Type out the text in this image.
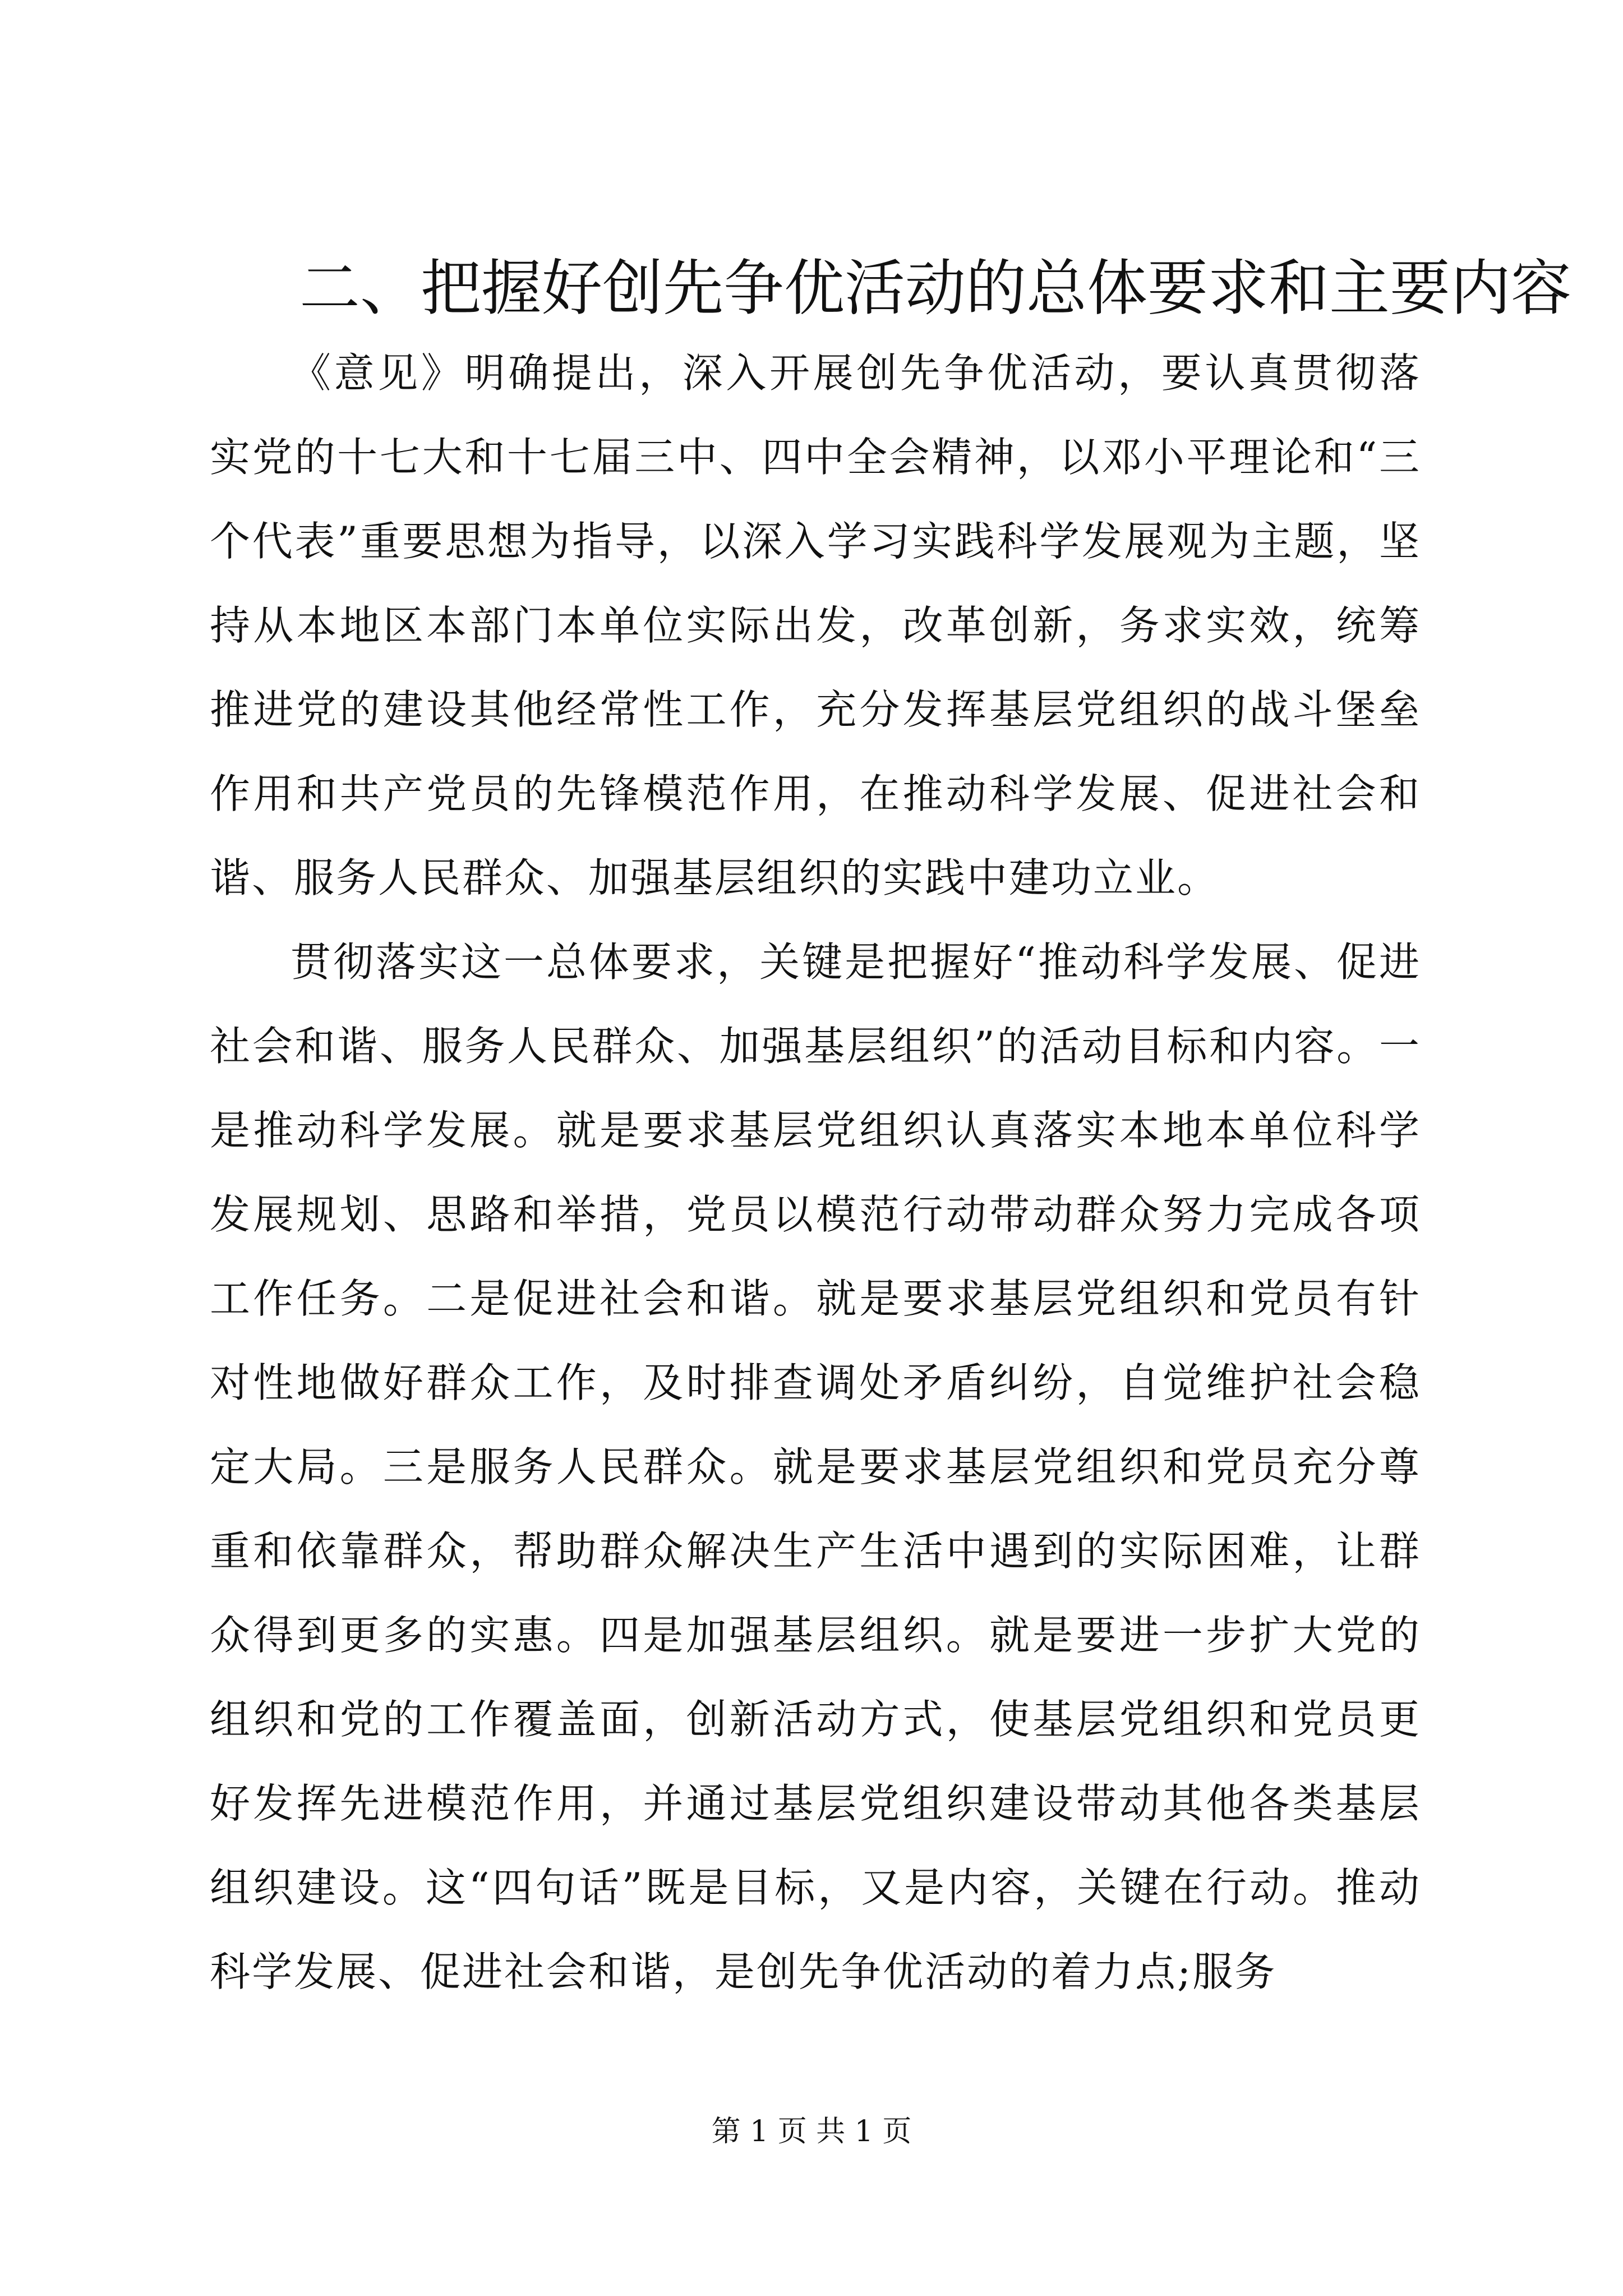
二、把握好创先争优活动的总体要求和主要内容

《意见》明确提出，深入开展创先争优活动，要认真贯彻落实党的十七大和十七届三中、四中全会精神，以邓小平理论和“三个代表”重要思想为指导，以深入学习实践科学发展观为主题，坚持从本地区本部门本单位实际出发，改革创新，务求实效，统筹推进党的建设其他经常性工作，充分发挥基层党组织的战斗堡垒作用和共产党员的先锋模范作用，在推动科学发展、促进社会和谐、服务人民群众、加强基层组织的实践中建功立业。

贯彻落实这一总体要求，关键是把握好“推动科学发展、促进社会和谐、服务人民群众、加强基层组织”的活动目标和内容。一是推动科学发展。就是要求基层党组织认真落实本地本单位科学发展规划、思路和举措，党员以模范行动带动群众努力完成各项工作任务。二是促进社会和谐。就是要求基层党组织和党员有针对性地做好群众工作，及时排查调处矛盾纠纷，自觉维护社会稳定大局。三是服务人民群众。就是要求基层党组织和党员充分尊重和依靠群众，帮助群众解决生产生活中遇到的实际困难，让群众得到更多的实惠。四是加强基层组织。就是要进一步扩大党的组织和党的工作覆盖面，创新活动方式，使基层党组织和党员更好发挥先进模范作用，并通过基层党组织建设带动其他各类基层组织建设。这“四句话”既是目标，又是内容，关键在行动。推动科学发展、促进社会和谐，是创先争优活动的着力点;服务

第 1 页 共 1 页
